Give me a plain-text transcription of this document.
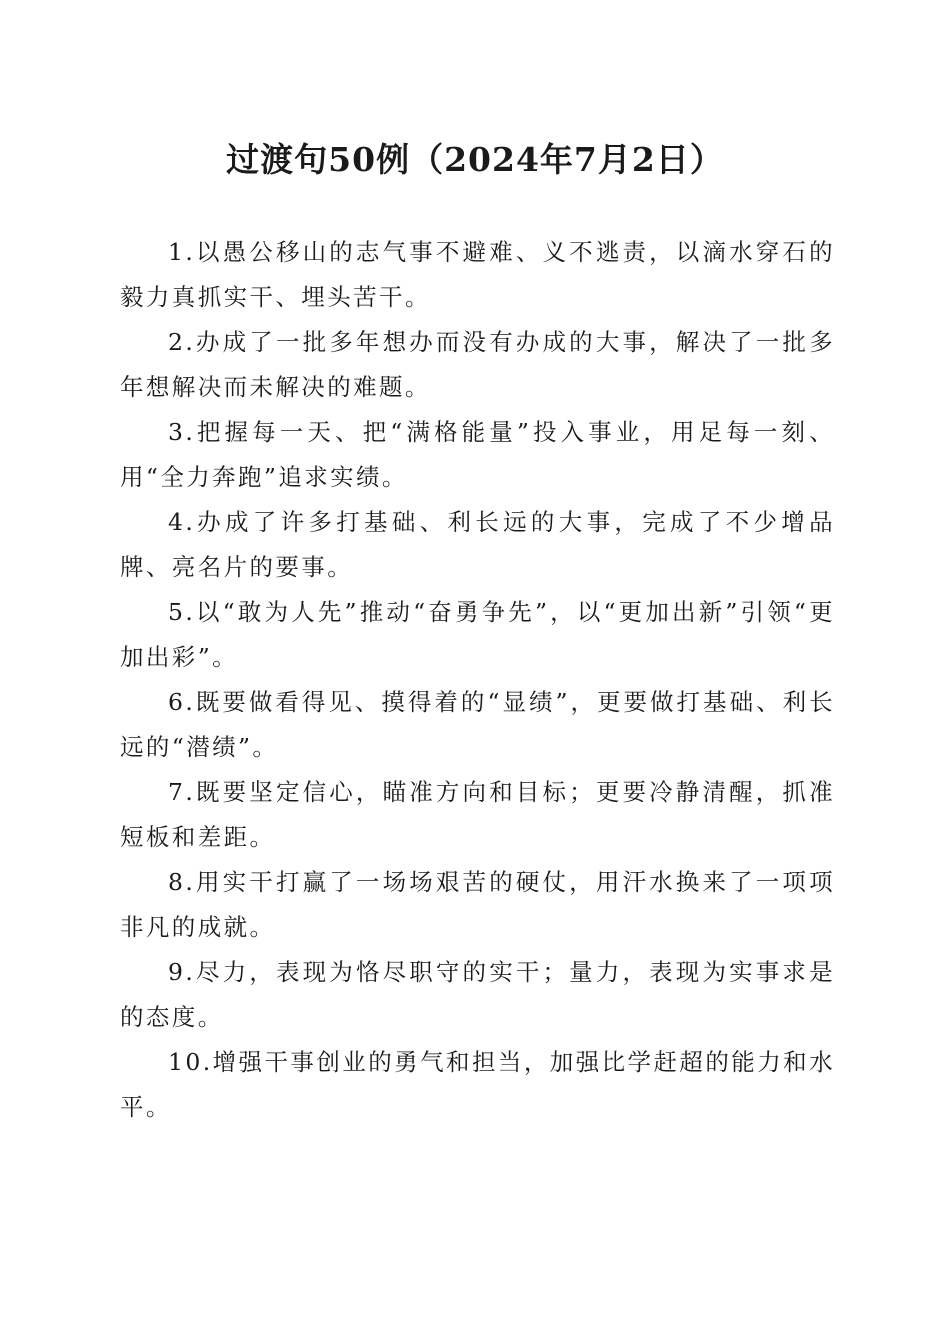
过渡句50例（2024年7月2日）

1.以愚公移山的志气事不避难、义不逃责，以滴水穿石的毅力真抓实干、埋头苦干。

2.办成了一批多年想办而没有办成的大事，解决了一批多年想解决而未解决的难题。

3.把握每一天、把“满格能量”投入事业，用足每一刻、用“全力奔跑”追求实绩。

4.办成了许多打基础、利长远的大事，完成了不少增品牌、亮名片的要事。

5.以“敢为人先”推动“奋勇争先”，以“更加出新”引领“更加出彩”。

6.既要做看得见、摸得着的“显绩”，更要做打基础、利长远的“潜绩”。

7.既要坚定信心，瞄准方向和目标；更要冷静清醒，抓准短板和差距。

8.用实干打赢了一场场艰苦的硬仗，用汗水换来了一项项非凡的成就。

9.尽力，表现为恪尽职守的实干；量力，表现为实事求是的态度。

10.增强干事创业的勇气和担当，加强比学赶超的能力和水平。
